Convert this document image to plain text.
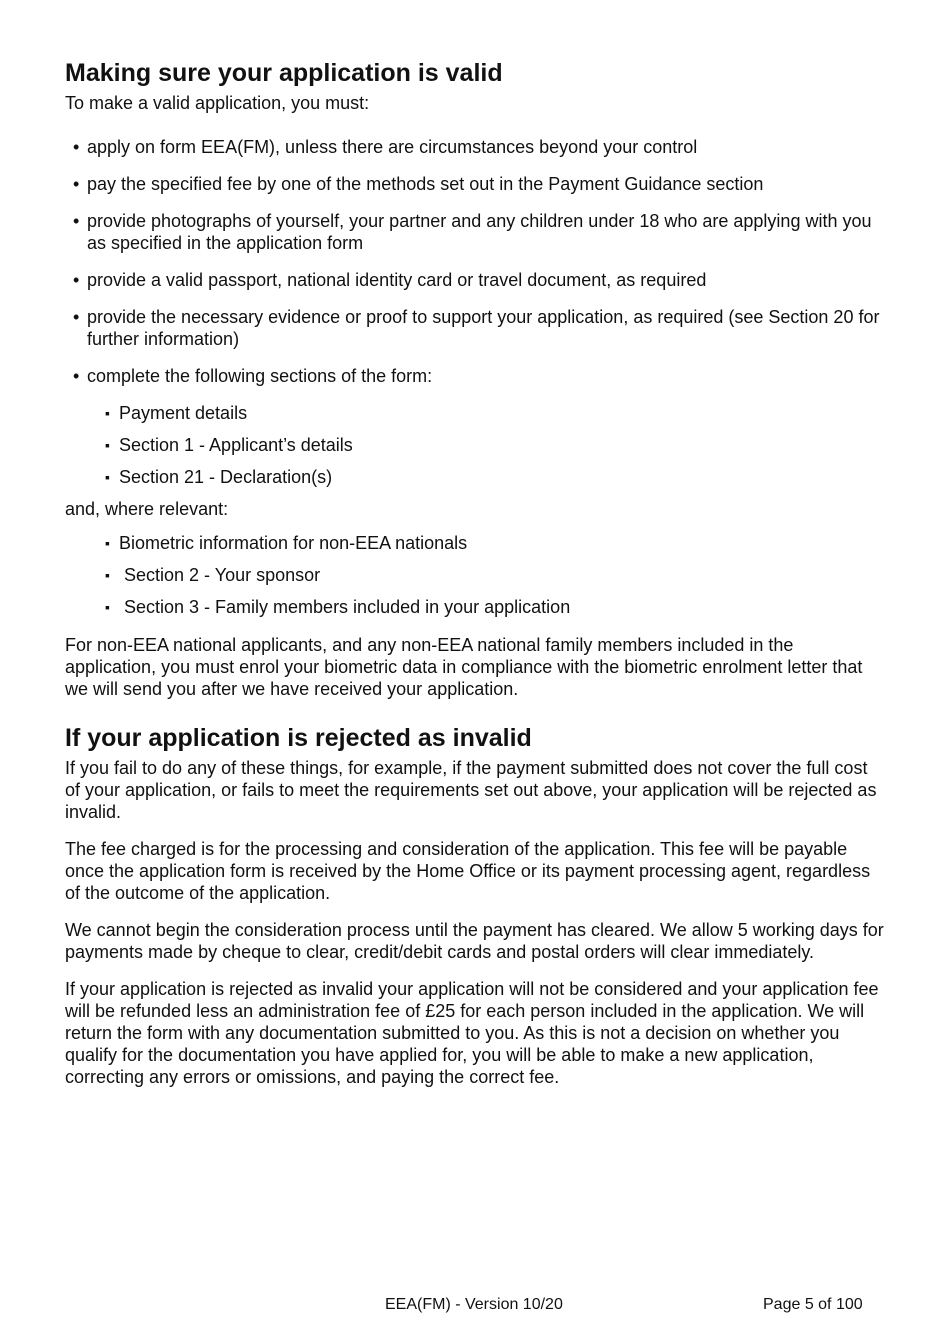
Making sure your application is valid

To make a valid application, you must:

• apply on form EEA(FM), unless there are circumstances beyond your control
• pay the specified fee by one of the methods set out in the Payment Guidance section
• provide photographs of yourself, your partner and any children under 18 who are applying with you as specified in the application form
• provide a valid passport, national identity card or travel document, as required
• provide the necessary evidence or proof to support your application, as required (see Section 20 for further information)
• complete the following sections of the form:
▪ Payment details
▪ Section 1 - Applicant’s details
▪ Section 21 - Declaration(s)

and, where relevant:

▪ Biometric information for non-EEA nationals
▪  Section 2 - Your sponsor
▪  Section 3 - Family members included in your application

For non-EEA national applicants, and any non-EEA national family members included in the application, you must enrol your biometric data in compliance with the biometric enrolment letter that we will send you after we have received your application.

If your application is rejected as invalid

If you fail to do any of these things, for example, if the payment submitted does not cover the full cost of your application, or fails to meet the requirements set out above, your application will be rejected as invalid.

The fee charged is for the processing and consideration of the application. This fee will be payable once the application form is received by the Home Office or its payment processing agent, regardless of the outcome of the application.

We cannot begin the consideration process until the payment has cleared. We allow 5 working days for payments made by cheque to clear, credit/debit cards and postal orders will clear immediately.

If your application is rejected as invalid your application will not be considered and your application fee will be refunded less an administration fee of £25 for each person included in the application. We will return the form with any documentation submitted to you. As this is not a decision on whether you qualify for the documentation you have applied for, you will be able to make a new application, correcting any errors or omissions, and paying the correct fee.

EEA(FM) - Version 10/20	Page 5 of 100
